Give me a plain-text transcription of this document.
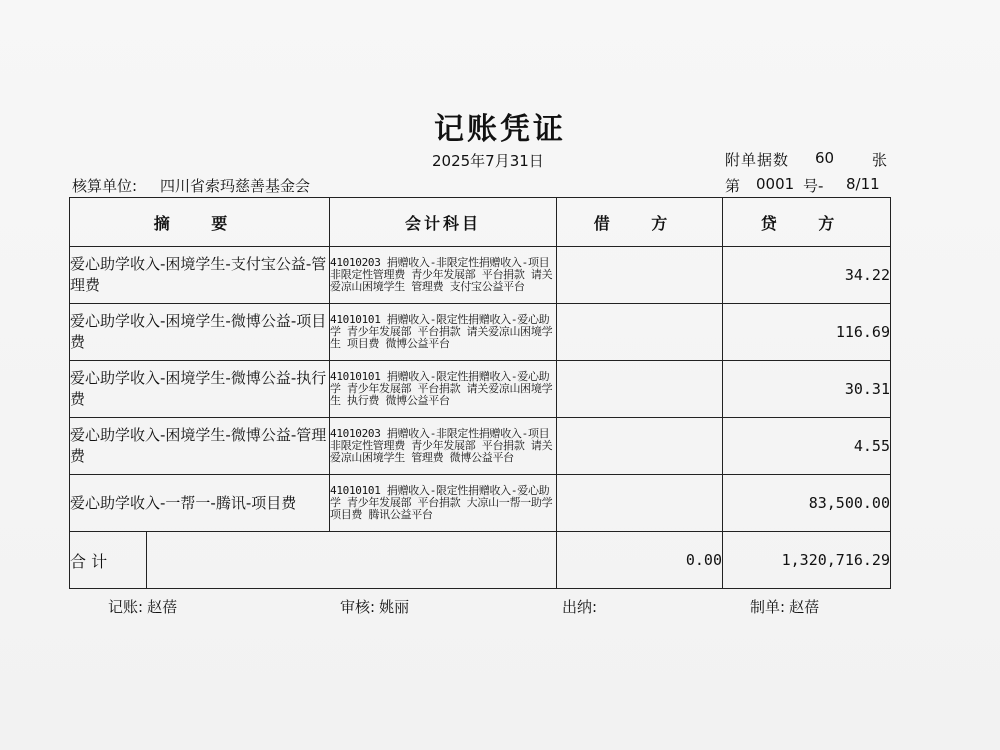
记账凭证
2025年7月31日	附单据数 60	张
核算单位: 四川省索玛慈善基金会	第 0001 号- 8/11
摘 要	会计科目	借 方	贷 方
爱心助学收入-困境学生-支付宝公益-管理费	41010203 捐赠收入-非限定性捐赠收入-项目非限定性管理费 青少年发展部 平台捐款 请关爱凉山困境学生 管理费 支付宝公益平台		34.22
爱心助学收入-困境学生-微博公益-项目费	41010101 捐赠收入-限定性捐赠收入-爱心助学 青少年发展部 平台捐款 请关爱凉山困境学生 项目费 微博公益平台		116.69
爱心助学收入-困境学生-微博公益-执行费	41010101 捐赠收入-限定性捐赠收入-爱心助学 青少年发展部 平台捐款 请关爱凉山困境学生 执行费 微博公益平台		30.31
爱心助学收入-困境学生-微博公益-管理费	41010203 捐赠收入-非限定性捐赠收入-项目非限定性管理费 青少年发展部 平台捐款 请关爱凉山困境学生 管理费 微博公益平台		4.55
爱心助学收入-一帮一-腾讯-项目费	41010101 捐赠收入-限定性捐赠收入-爱心助学 青少年发展部 平台捐款 大凉山一帮一助学 项目费 腾讯公益平台		83,500.00

合 计		0.00	1,320,716.29
记账: 赵蓓	审核: 姚丽	出纳:	制单: 赵蓓
